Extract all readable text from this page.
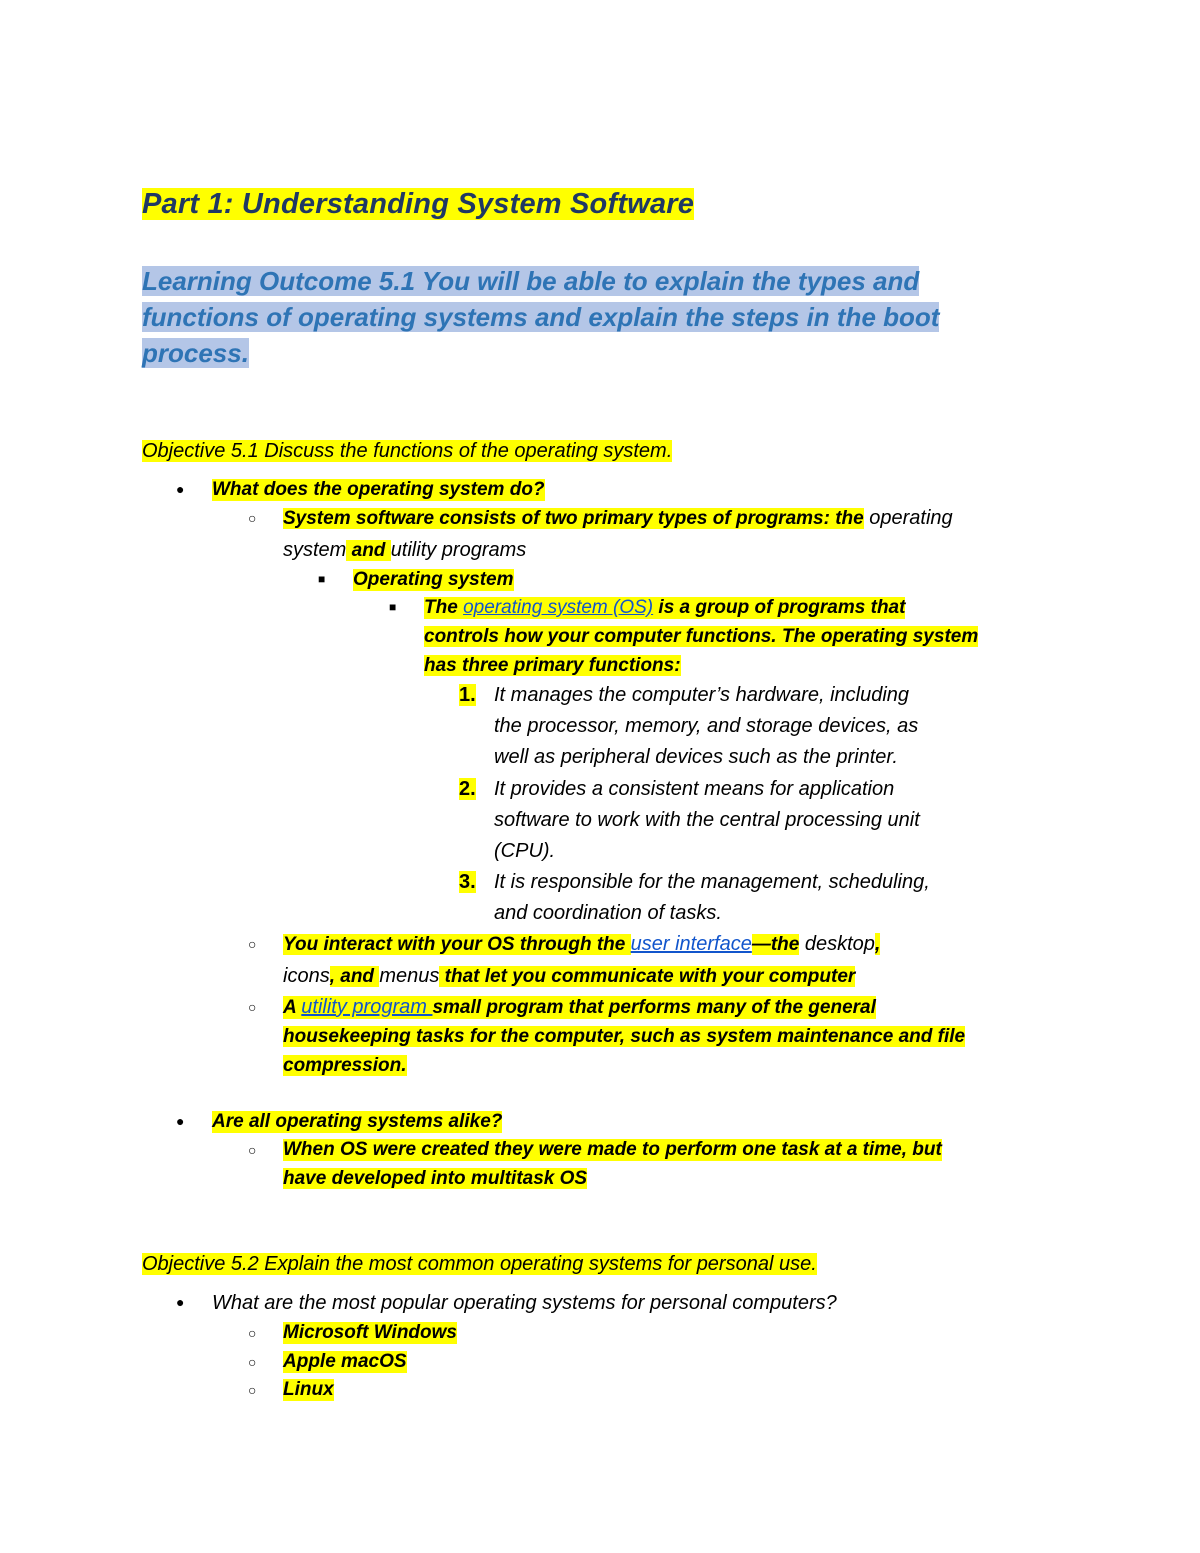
Part 1: Understanding System Software
Learning Outcome 5.1 You will be able to explain the types and functions of operating systems and explain the steps in the boot process.
Objective 5.1 Discuss the functions of the operating system.
● What does the operating system do?
○ System software consists of two primary types of programs: the operating
system and utility programs
■ Operating system
■ The operating system (OS) is a group of programs that
controls how your computer functions. The operating system
has three primary functions:
1. It manages the computer’s hardware, including
the processor, memory, and storage devices, as
well as peripheral devices such as the printer.
2. It provides a consistent means for application
software to work with the central processing unit
(CPU).
3. It is responsible for the management, scheduling,
and coordination of tasks.
○ You interact with your OS through the user interface—the desktop,
icons, and menus that let you communicate with your computer
○ A utility program small program that performs many of the general
housekeeping tasks for the computer, such as system maintenance and file
compression.
● Are all operating systems alike?
○ When OS were created they were made to perform one task at a time, but
have developed into multitask OS
Objective 5.2 Explain the most common operating systems for personal use.
● What are the most popular operating systems for personal computers?
○ Microsoft Windows
○ Apple macOS
○ Linux
